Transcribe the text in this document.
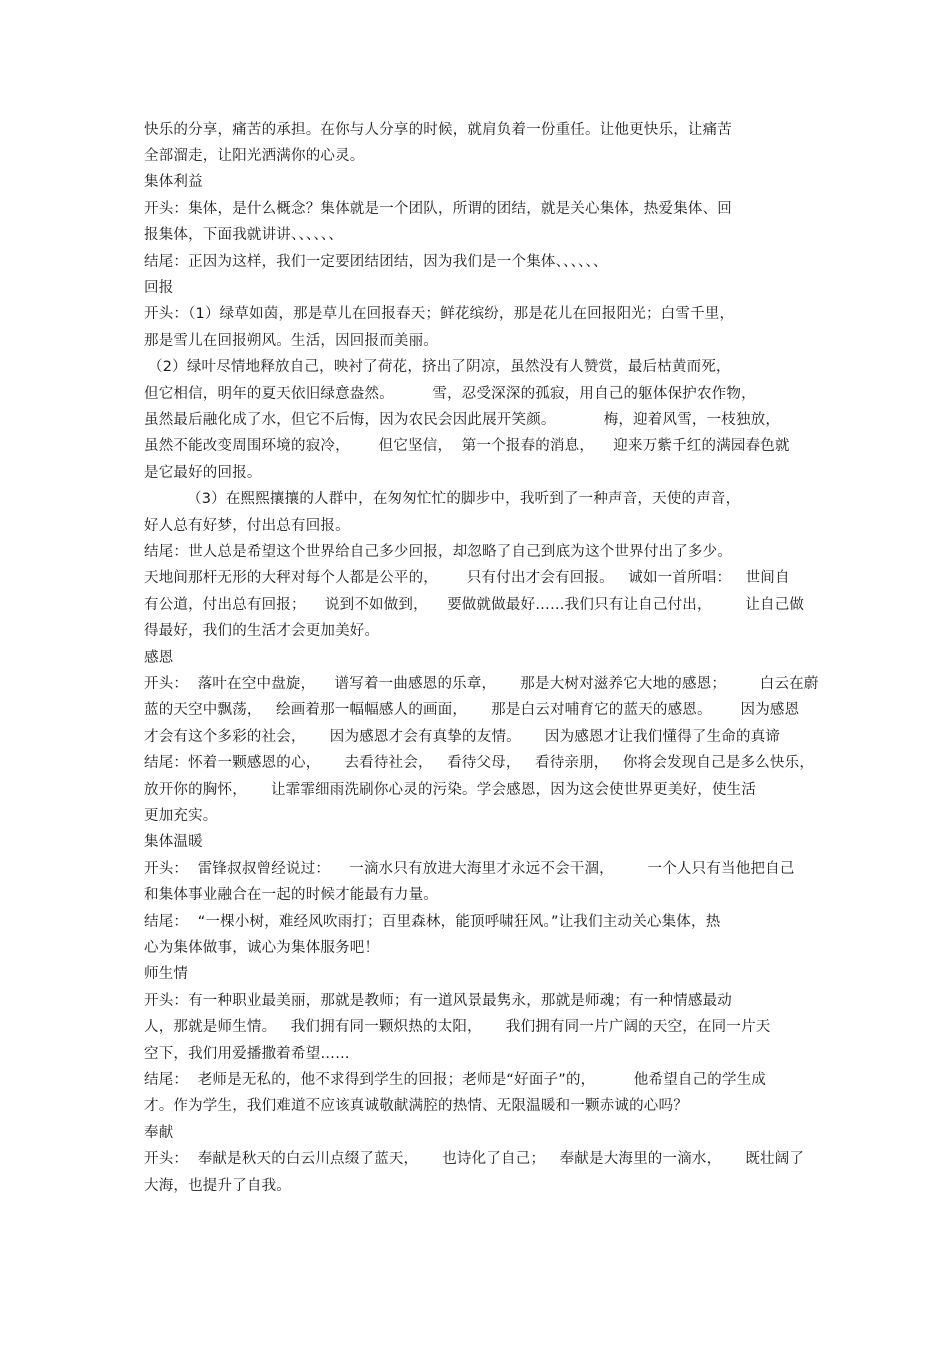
快乐的分享，痛苦的承担。在你与人分享的时候，就肩负着一份重任。让他更快乐，让痛苦
全部溜走，让阳光洒满你的心灵。
集体利益
开头：集体，是什么概念？集体就是一个团队，所谓的团结，就是关心集体，热爱集体、回
报集体，下面我就讲讲、、、、、、
结尾：正因为这样，我们一定要团结团结，因为我们是一个集体、、、、、、
回报
开头：（1）绿草如茵，那是草儿在回报春天；鲜花缤纷，那是花儿在回报阳光；白雪千里，
那是雪儿在回报朔风。生活，因回报而美丽。
（2）绿叶尽情地释放自己，映衬了荷花，挤出了阴凉，虽然没有人赞赏，最后枯黄而死，
但它相信，明年的夏天依旧绿意盎然。        雪，忍受深深的孤寂，用自己的躯体保护农作物，
虽然最后融化成了水，但它不后悔，因为农民会因此展开笑颜。          梅，迎着风雪，一枝独放，
虽然不能改变周围环境的寂冷，      但它坚信，  第一个报春的消息，    迎来万紫千红的满园春色就
是它最好的回报。
（3）在熙熙攘攘的人群中，在匆匆忙忙的脚步中，我听到了一种声音，天使的声音，
好人总有好梦，付出总有回报。
结尾：世人总是希望这个世界给自己多少回报，却忽略了自己到底为这个世界付出了多少。
天地间那杆无形的大秤对每个人都是公平的，      只有付出才会有回报。   诚如一首所唱：   世间自
有公道，付出总有回报；    说到不如做到，    要做就做最好……我们只有让自己付出，       让自己做
得最好，我们的生活才会更加美好。
感恩
开头：  落叶在空中盘旋，    谱写着一曲感恩的乐章，     那是大树对滋养它大地的感恩；       白云在蔚
蓝的天空中飘荡，   绘画着那一幅幅感人的画面，     那是白云对哺育它的蓝天的感恩。      因为感恩
才会有这个多彩的社会，     因为感恩才会有真挚的友情。     因为感恩才让我们懂得了生命的真谛
结尾：怀着一颗感恩的心，     去看待社会，   看待父母，   看待亲朋，   你将会发现自己是多么快乐，
放开你的胸怀，     让霏霏细雨洗刷你心灵的污染。学会感恩，因为这会使世界更美好，使生活
更加充实。
集体温暖
开头：  雷锋叔叔曾经说过：    一滴水只有放进大海里才永远不会干涸，       一个人只有当他把自己
和集体事业融合在一起的时候才能最有力量。
结尾：  “一棵小树，难经风吹雨打；百里森林，能顶呼啸狂风。”让我们主动关心集体，热
心为集体做事，诚心为集体服务吧！
师生情
开头：有一种职业最美丽，那就是教师；有一道风景最隽永，那就是师魂；有一种情感最动
人，那就是师生情。   我们拥有同一颗炽热的太阳，     我们拥有同一片广阔的天空，在同一片天
空下，我们用爱播撒着希望……
结尾：  老师是无私的，他不求得到学生的回报；老师是“好面子”的，        他希望自己的学生成
才。作为学生，我们难道不应该真诚敬献满腔的热情、无限温暖和一颗赤诚的心吗？
奉献
开头：  奉献是秋天的白云川点缀了蓝天，     也诗化了自己；   奉献是大海里的一滴水，     既壮阔了
大海，也提升了自我。
